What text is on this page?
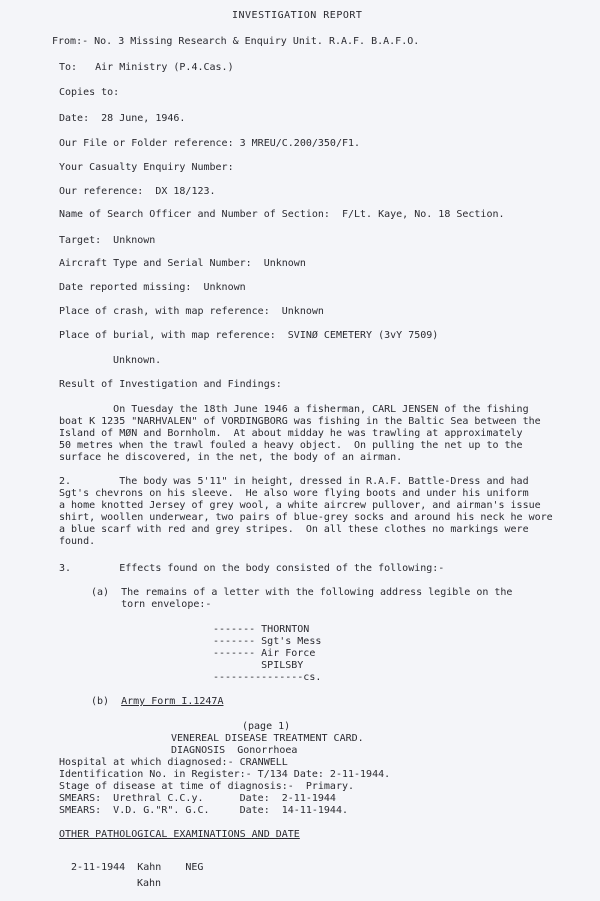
INVESTIGATION REPORT
From:- No. 3 Missing Research & Enquiry Unit. R.A.F. B.A.F.O.
To:   Air Ministry (P.4.Cas.)
Copies to:
Date:  28 June, 1946.
Our File or Folder reference: 3 MREU/C.200/350/F1.
Your Casualty Enquiry Number:
Our reference:  DX 18/123.
Name of Search Officer and Number of Section:  F/Lt. Kaye, No. 18 Section.
Target:  Unknown
Aircraft Type and Serial Number:  Unknown
Date reported missing:  Unknown
Place of crash, with map reference:  Unknown
Place of burial, with map reference:  SVINØ CEMETERY (3vY 7509)
Unknown.
Result of Investigation and Findings:
On Tuesday the 18th June 1946 a fisherman, CARL JENSEN of the fishing
boat K 1235 "NARHVALEN" of VORDINGBORG was fishing in the Baltic Sea between the
Island of MØN and Bornholm.  At about midday he was trawling at approximately
50 metres when the trawl fouled a heavy object.  On pulling the net up to the
surface he discovered, in the net, the body of an airman.
2.        The body was 5'11" in height, dressed in R.A.F. Battle-Dress and had
Sgt's chevrons on his sleeve.  He also wore flying boots and under his uniform
a home knotted Jersey of grey wool, a white aircrew pullover, and airman's issue
shirt, woollen underwear, two pairs of blue-grey socks and around his neck he wore
a blue scarf with red and grey stripes.  On all these clothes no markings were
found.
3.        Effects found on the body consisted of the following:-
(a)  The remains of a letter with the following address legible on the
torn envelope:-
------- THORNTON
------- Sgt's Mess
------- Air Force
SPILSBY
---------------cs.
(b)  Army Form I.1247A
(page 1)
VENEREAL DISEASE TREATMENT CARD.
DIAGNOSIS  Gonorrhoea
Hospital at which diagnosed:- CRANWELL
Identification No. in Register:- T/134 Date: 2-11-1944.
Stage of disease at time of diagnosis:-  Primary.
SMEARS:  Urethral C.C.y.      Date:  2-11-1944
SMEARS:  V.D. G."R". G.C.     Date:  14-11-1944.
OTHER PATHOLOGICAL EXAMINATIONS AND DATE
2-11-1944  Kahn    NEG
Kahn
